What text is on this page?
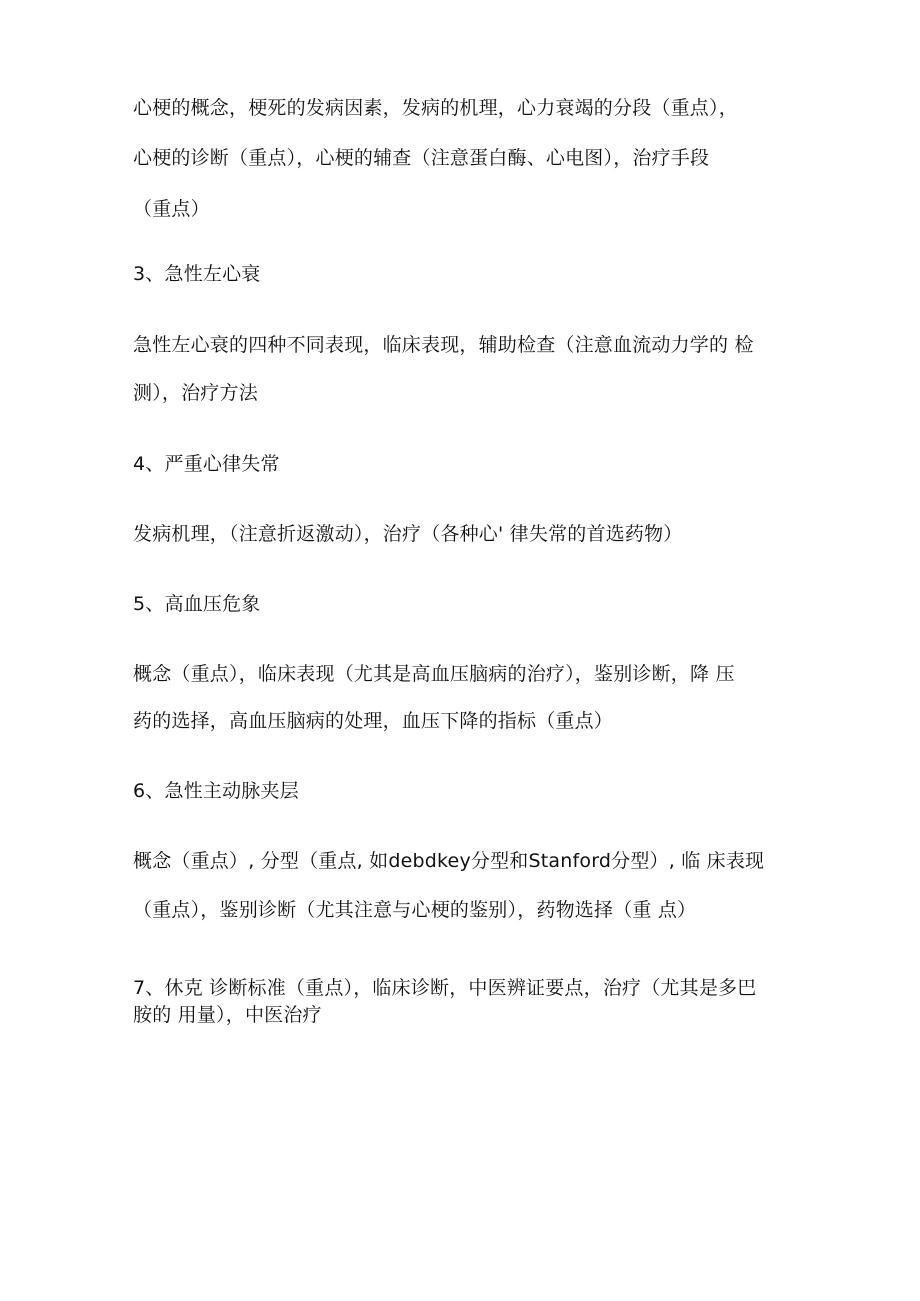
心梗的概念，梗死的发病因素，发病的机理，心力衰竭的分段（重点），
心梗的诊断（重点），心梗的辅查（注意蛋白酶、心电图），治疗手段
（重点）
3、急性左心衰
急性左心衰的四种不同表现，临床表现，辅助检查（注意血流动力学的 检
测），治疗方法
4、严重心律失常
发病机理，（注意折返激动），治疗（各种心' 律失常的首选药物）
5、高血压危象
概念（重点），临床表现（尤其是高血压脑病的治疗），鉴别诊断，降 压
药的选择，高血压脑病的处理，血压下降的指标（重点）
6、急性主动脉夹层
概念（重点）, 分型（重点, 如debdkey分型和Stanford分型）, 临 床表现
（重点），鉴别诊断（尤其注意与心梗的鉴别），药物选择（重 点）
7、休克 诊断标准（重点），临床诊断，中医辨证要点，治疗（尤其是多巴
胺的 用量），中医治疗
